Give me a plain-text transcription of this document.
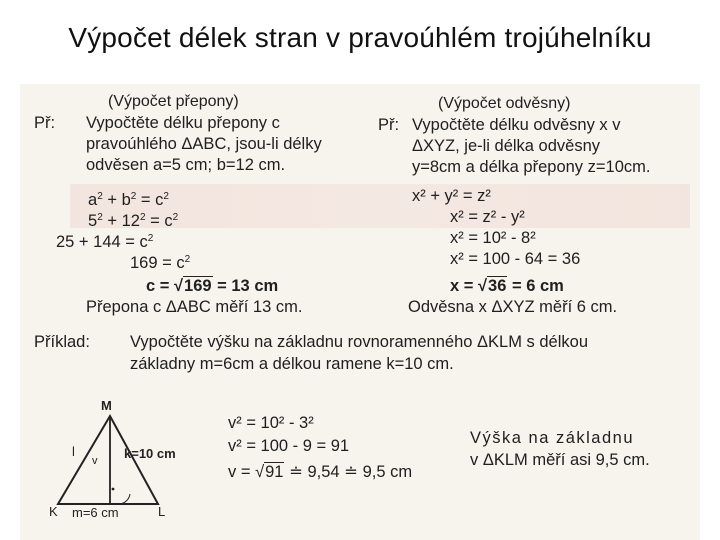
Výpočet délek stran v pravoúhlém trojúhelníku
(Výpočet přepony)
Př: Vypočtěte délku přepony c
pravoúhlého ΔABC, jsou-li délky
odvěsen a=5 cm; b=12 cm.
$a^2 + b^2 = c^2$
$5^2 + 12^2 = c^2$
$25 + 144 = c^2$
$169 = c^2$
c = √169 = 13 cm
Přepona c ΔABC měří 13 cm.
(Výpočet odvěsny)
Př: Vypočtěte délku odvěsny x v
ΔXYZ, je-li délka odvěsny
y=8cm a délka přepony z=10cm.
x² + y² = z²
x² = z² - y²
x² = 10² - 8²
x² = 100 - 64 = 36
x = √36 = 6 cm
Odvěsna x ΔXYZ měří 6 cm.
Příklad: Vypočtěte výšku na základnu rovnoramenného ΔKLM s délkou
základny m=6cm a délkou ramene k=10 cm.
v² = 10² - 3²
v² = 100 - 9 = 91
v = √91 ≐ 9,54 ≐ 9,5 cm
Výška na základnu
v ΔKLM měří asi 9,5 cm.
M
K	L
l	k=10 cm
v
m=6 cm
